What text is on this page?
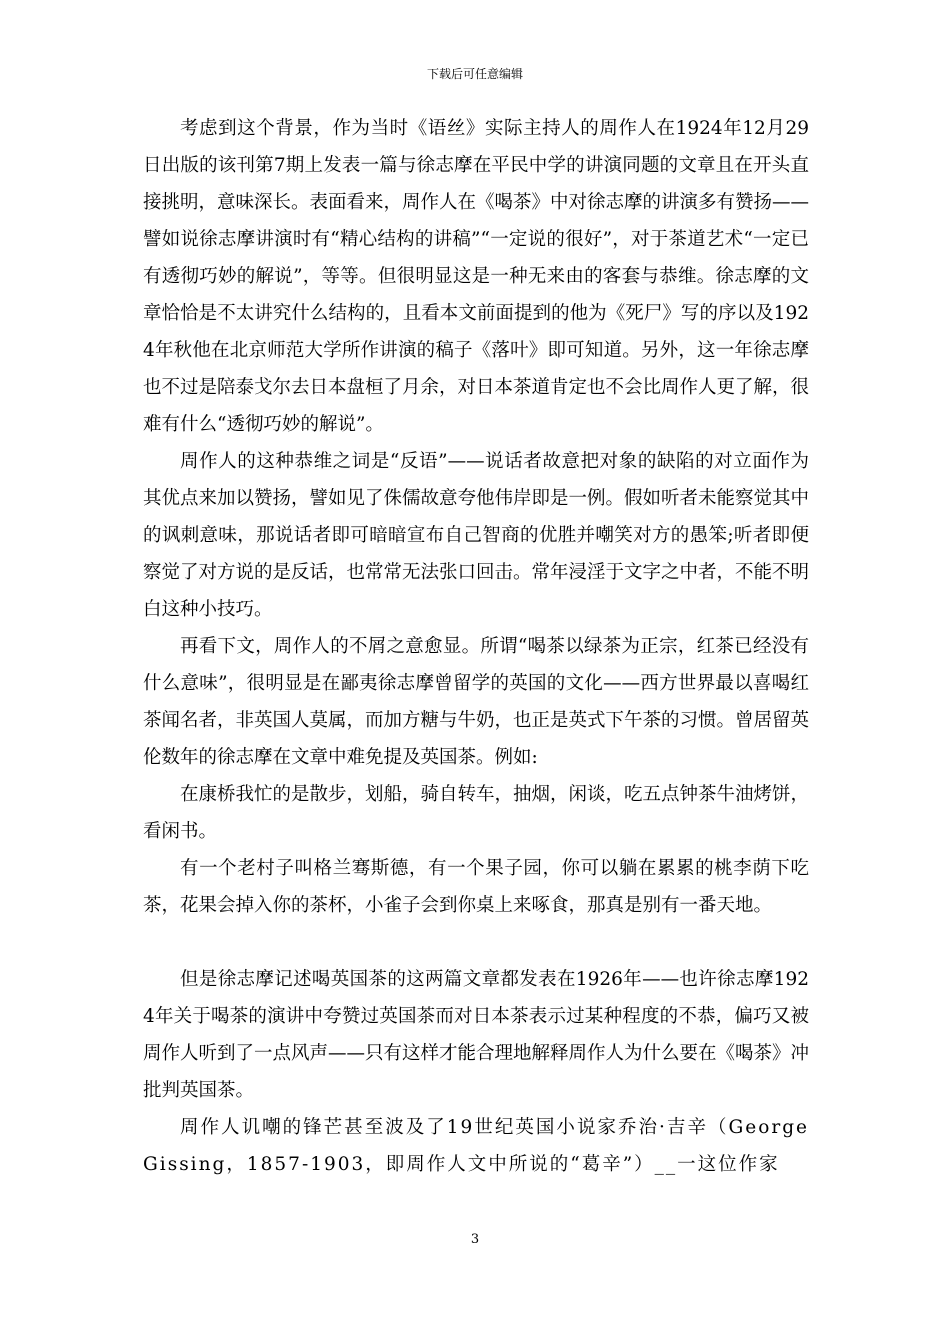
下载后可任意编辑

考虑到这个背景，作为当时《语丝》实际主持人的周作人在1924年12月29日出版的该刊第7期上发表一篇与徐志摩在平民中学的讲演同题的文章且在开头直接挑明，意味深长。表面看来，周作人在《喝茶》中对徐志摩的讲演多有赞扬——譬如说徐志摩讲演时有“精心结构的讲稿”“一定说的很好”，对于茶道艺术“一定已有透彻巧妙的解说”，等等。但很明显这是一种无来由的客套与恭维。徐志摩的文章恰恰是不太讲究什么结构的，且看本文前面提到的他为《死尸》写的序以及1924年秋他在北京师范大学所作讲演的稿子《落叶》即可知道。另外，这一年徐志摩也不过是陪泰戈尔去日本盘桓了月余，对日本茶道肯定也不会比周作人更了解，很难有什么“透彻巧妙的解说”。

周作人的这种恭维之词是“反语”——说话者故意把对象的缺陷的对立面作为其优点来加以赞扬，譬如见了侏儒故意夸他伟岸即是一例。假如听者未能察觉其中的讽刺意味，那说话者即可暗暗宣布自己智商的优胜并嘲笑对方的愚笨;听者即便察觉了对方说的是反话，也常常无法张口回击。常年浸淫于文字之中者，不能不明白这种小技巧。

再看下文，周作人的不屑之意愈显。所谓“喝茶以绿茶为正宗，红茶已经没有什么意味”，很明显是在鄙夷徐志摩曾留学的英国的文化——西方世界最以喜喝红茶闻名者，非英国人莫属，而加方糖与牛奶，也正是英式下午茶的习惯。曾居留英伦数年的徐志摩在文章中难免提及英国茶。例如:

在康桥我忙的是散步，划船，骑自转车，抽烟，闲谈，吃五点钟茶牛油烤饼，看闲书。

有一个老村子叫格兰骞斯德，有一个果子园，你可以躺在累累的桃李荫下吃茶，花果会掉入你的茶杯，小雀子会到你桌上来啄食，那真是别有一番天地。

但是徐志摩记述喝英国茶的这两篇文章都发表在1926年——也许徐志摩1924年关于喝茶的演讲中夸赞过英国茶而对日本茶表示过某种程度的不恭，偏巧又被周作人听到了一点风声——只有这样才能合理地解释周作人为什么要在《喝茶》冲批判英国茶。

周作人讥嘲的锋芒甚至波及了19世纪英国小说家乔治·吉辛（GeorgeGissing，1857-1903，即周作人文中所说的“葛辛”）__一这位作家

3
